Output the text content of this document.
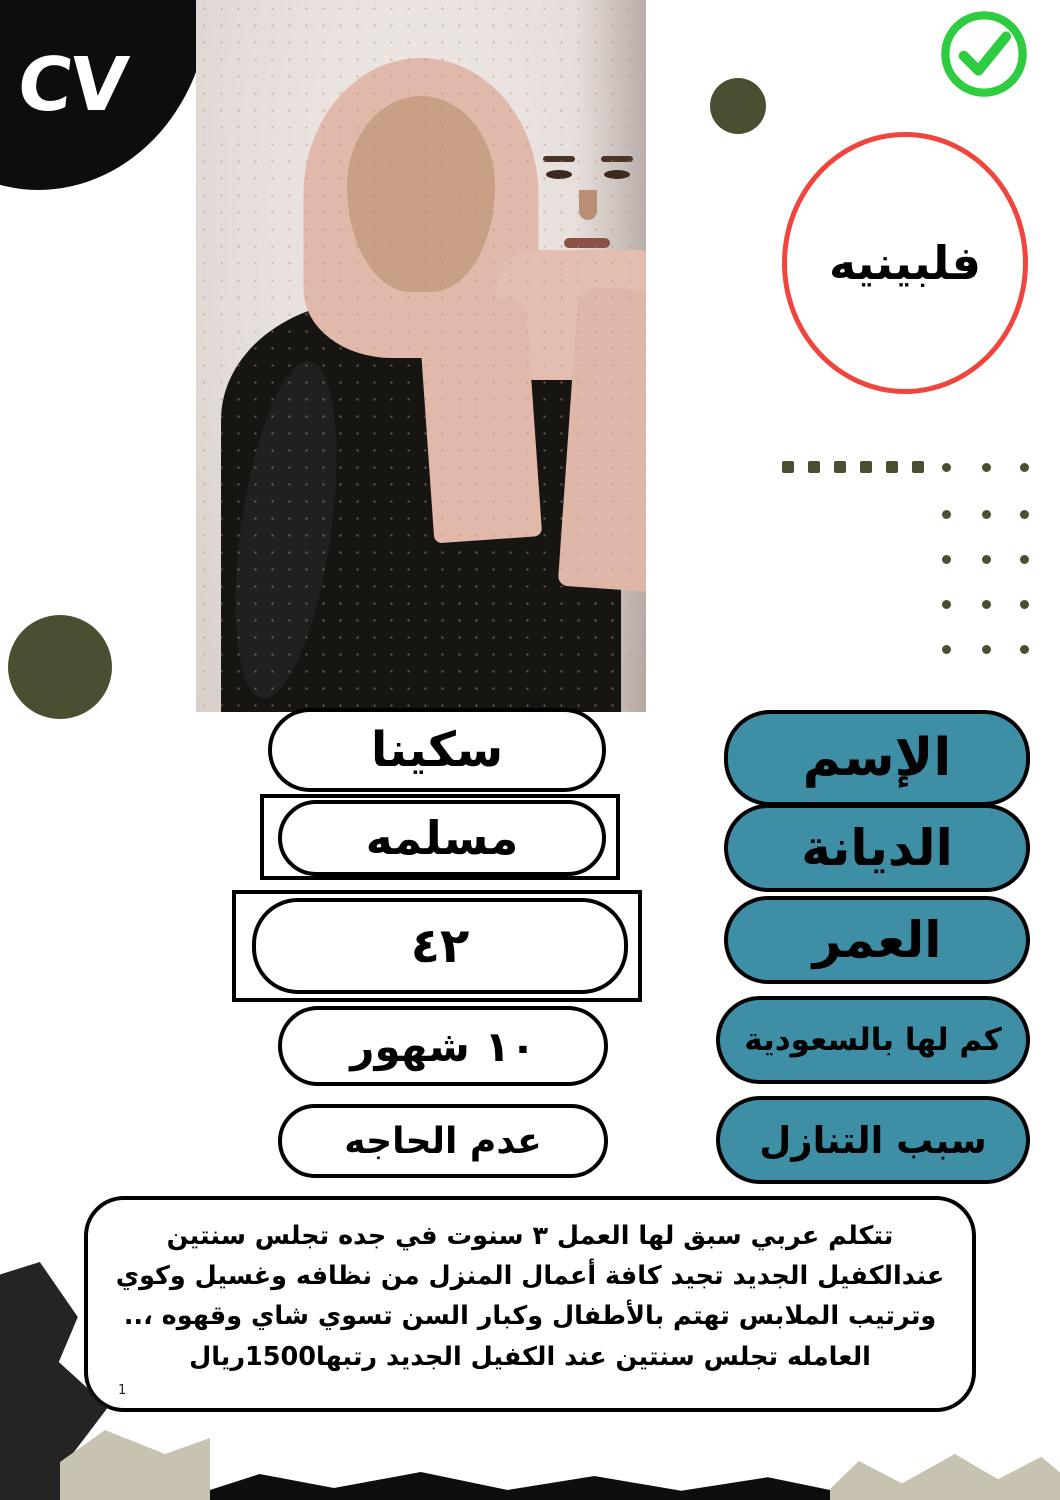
CV
فلبينيه
الإسم
الديانة
العمر
كم لها بالسعودية
سبب التنازل
سكينا
مسلمه
٤٢
١٠ شهور
عدم الحاجه

تتكلم عربي سبق لها العمل ٣ سنوت في جده تجلس سنتين

عندالكفيل الجديد تجيد كافة أعمال المنزل من نظافه وغسيل وكوي

وترتيب الملابس تهتم بالأطفال وكبار السن تسوي شاي وقهوه ،..

العامله تجلس سنتين عند الكفيل الجديد رتبها1500ريال

1
